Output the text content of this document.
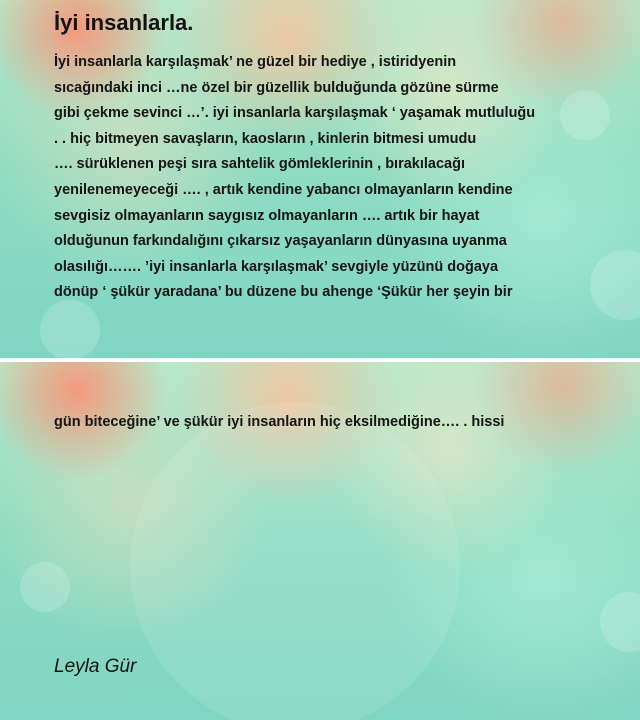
İyi insanlarla.
İyi insanlarla karşılaşmak’ ne güzel bir hediye , istiridyenin
sıcağındaki inci …ne özel bir güzellik bulduğunda gözüne sürme
gibi çekme sevinci …’. iyi insanlarla karşılaşmak ‘ yaşamak mutluluğu
. . hiç bitmeyen savaşların, kaosların , kinlerin bitmesi umudu
…. sürüklenen peşi sıra sahtelik gömleklerinin , bırakılacağı
yenilenemeyeceği …. , artık kendine yabancı olmayanların kendine
sevgisiz olmayanların saygısız olmayanların …. artık bir hayat
olduğunun farkındalığını çıkarsız yaşayanların dünyasına uyanma
olasılığı……. ’iyi insanlarla karşılaşmak’ sevgiyle yüzünü doğaya
dönüp ‘ şükür yaradana’ bu düzene bu ahenge ‘Şükür her şeyin bir

gün biteceğine’ ve şükür iyi insanların hiç eksilmediğine…. . hissi

Leyla Gür
